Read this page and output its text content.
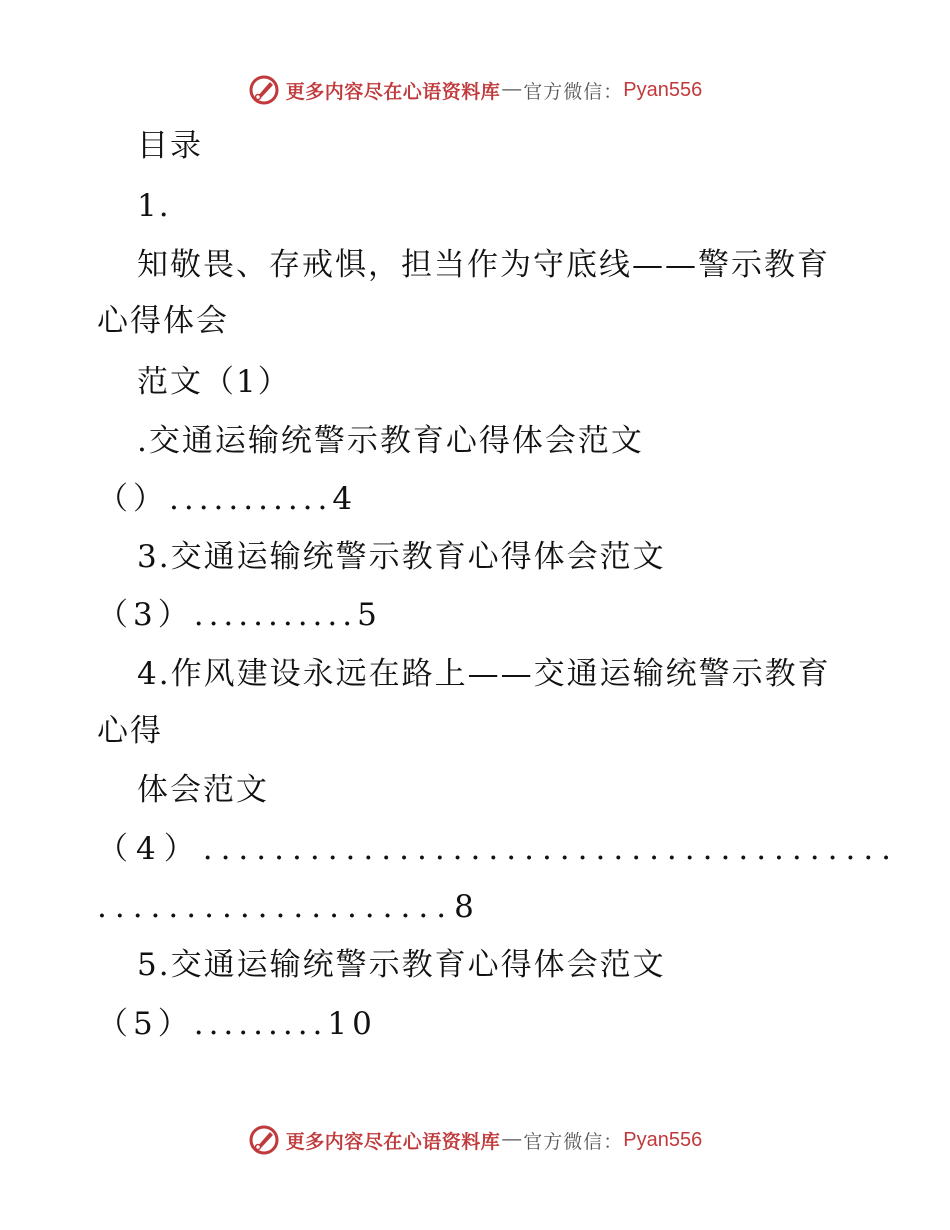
更多内容尽在心语资料库 — 官方微信： Pyan556
目录
1.
知敬畏、存戒惧，担当作为守底线——警示教育
心得体会
范文（1）
.交通运输统警示教育心得体会范文
（）...........4
3.交通运输统警示教育心得体会范文
（3）...........5
4.作风建设永远在路上——交通运输统警示教育
心得
体会范文
（4）.......................................
....................8
5.交通运输统警示教育心得体会范文
（5）.........10
更多内容尽在心语资料库 — 官方微信： Pyan556
